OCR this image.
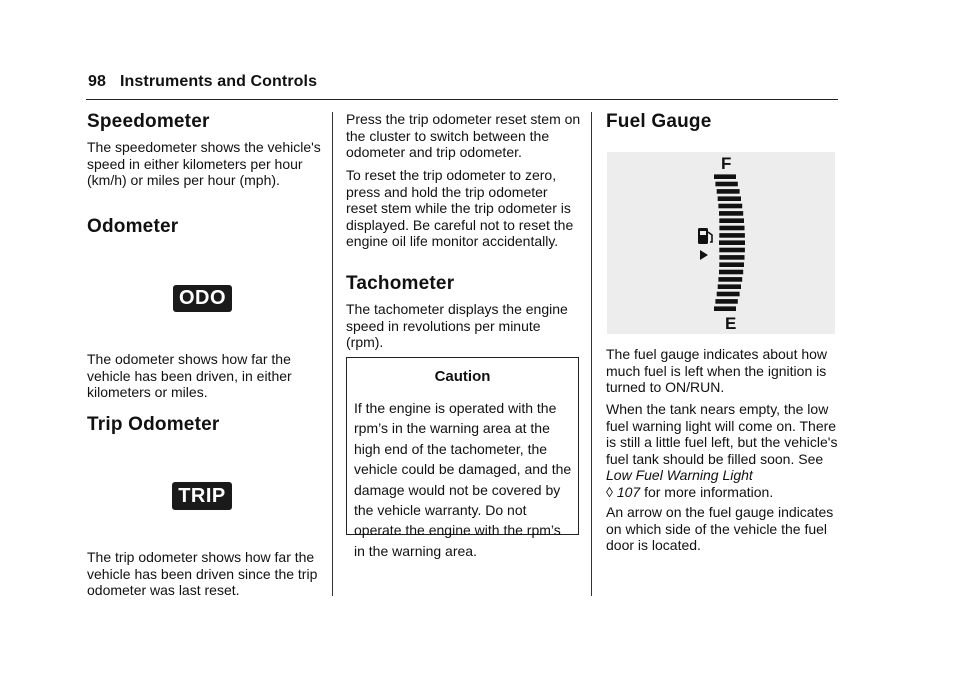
98 Instruments and Controls
Speedometer

The speedometer shows the vehicle's speed in either kilometers per hour (km/h) or miles per hour (mph).

Odometer
ODO

The odometer shows how far the vehicle has been driven, in either kilometers or miles.

Trip Odometer
TRIP

The trip odometer shows how far the vehicle has been driven since the trip odometer was last reset.

Press the trip odometer reset stem on the cluster to switch between the odometer and trip odometer.

To reset the trip odometer to zero, press and hold the trip odometer reset stem while the trip odometer is displayed. Be careful not to reset the engine oil life monitor accidentally.

Tachometer

The tachometer displays the engine speed in revolutions per minute (rpm).

Caution

If the engine is operated with the rpm’s in the warning area at the high end of the tachometer, the vehicle could be damaged, and the damage would not be covered by the vehicle warranty. Do not operate the engine with the rpm’s in the warning area.

Fuel Gauge
F
E

The fuel gauge indicates about how much fuel is left when the ignition is turned to ON/RUN.

When the tank nears empty, the low fuel warning light will come on. There is still a little fuel left, but the vehicle's fuel tank should be filled soon. See Low Fuel Warning Light
◊ 107 for more information.

An arrow on the fuel gauge indicates on which side of the vehicle the fuel door is located.
